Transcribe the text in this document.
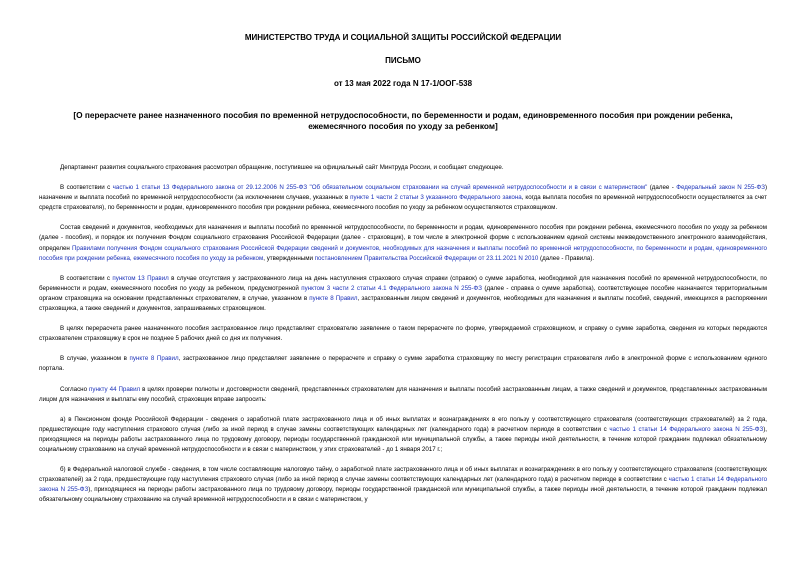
МИНИСТЕРСТВО ТРУДА И СОЦИАЛЬНОЙ ЗАЩИТЫ РОССИЙСКОЙ ФЕДЕРАЦИИ
ПИСЬМО
от 13 мая 2022 года N 17-1/ООГ-538
[О перерасчете ранее назначенного пособия по временной нетрудоспособности, по беременности и родам, единовременного пособия при рождении ребенка, ежемесячного пособия по уходу за ребенком]

Департамент развития социального страхования рассмотрел обращение, поступившее на официальный сайт Минтруда России, и сообщает следующее.

В соответствии с частью 1 статьи 13 Федерального закона от 29.12.2006 N 255-ФЗ "Об обязательном социальном страховании на случай временной нетрудоспособности и в связи с материнством" (далее - Федеральный закон N 255-ФЗ) назначение и выплата пособий по временной нетрудоспособности (за исключением случаев, указанных в пункте 1 части 2 статьи 3 указанного Федерального закона, когда выплата пособия по временной нетрудоспособности осуществляется за счет средств страхователя), по беременности и родам, единовременного пособия при рождении ребенка, ежемесячного пособия по уходу за ребенком осуществляются страховщиком.

Состав сведений и документов, необходимых для назначения и выплаты пособий по временной нетрудоспособности, по беременности и родам, единовременного пособия при рождении ребенка, ежемесячного пособия по уходу за ребенком (далее - пособия), и порядок их получения Фондом социального страхования Российской Федерации (далее - страховщик), в том числе в электронной форме с использованием единой системы межведомственного электронного взаимодействия, определен Правилами получения Фондом социального страхования Российской Федерации сведений и документов, необходимых для назначения и выплаты пособий по временной нетрудоспособности, по беременности и родам, единовременного пособия при рождении ребенка, ежемесячного пособия по уходу за ребенком, утвержденными постановлением Правительства Российской Федерации от 23.11.2021 N 2010 (далее - Правила).

В соответствии с пунктом 13 Правил в случае отсутствия у застрахованного лица на день наступления страхового случая справки (справок) о сумме заработка, необходимой для назначения пособий по временной нетрудоспособности, по беременности и родам, ежемесячного пособия по уходу за ребенком, предусмотренной пунктом 3 части 2 статьи 4.1 Федерального закона N 255-ФЗ (далее - справка о сумме заработка), соответствующее пособие назначается территориальным органом страховщика на основании представленных страхователем, в случае, указанном в пункте 8 Правил, застрахованным лицом сведений и документов, необходимых для назначения и выплаты пособий, сведений, имеющихся в распоряжении страховщика, а также сведений и документов, запрашиваемых страховщиком.

В целях перерасчета ранее назначенного пособия застрахованное лицо представляет страхователю заявление о таком перерасчете по форме, утверждаемой страховщиком, и справку о сумме заработка, сведения из которых передаются страхователем страховщику в срок не позднее 5 рабочих дней со дня их получения.

В случае, указанном в пункте 8 Правил, застрахованное лицо представляет заявление о перерасчете и справку о сумме заработка страховщику по месту регистрации страхователя либо в электронной форме с использованием единого портала.

Согласно пункту 44 Правил в целях проверки полноты и достоверности сведений, представленных страхователем для назначения и выплаты пособий застрахованным лицам, а также сведений и документов, представленных застрахованным лицом для назначения и выплаты ему пособий, страховщик вправе запросить:

а) в Пенсионном фонде Российской Федерации - сведения о заработной плате застрахованного лица и об иных выплатах и вознаграждениях в его пользу у соответствующего страхователя (соответствующих страхователей) за 2 года, предшествующие году наступления страхового случая (либо за иной период в случае замены соответствующих календарных лет (календарного года) в расчетном периоде в соответствии с частью 1 статьи 14 Федерального закона N 255-ФЗ), приходящиеся на периоды работы застрахованного лица по трудовому договору, периоды государственной гражданской или муниципальной службы, а также периоды иной деятельности, в течение которой гражданин подлежал обязательному социальному страхованию на случай временной нетрудоспособности и в связи с материнством, у этих страхователей - до 1 января 2017 г.;

б) в Федеральной налоговой службе - сведения, в том числе составляющие налоговую тайну, о заработной плате застрахованного лица и об иных выплатах и вознаграждениях в его пользу у соответствующего страхователя (соответствующих страхователей) за 2 года, предшествующие году наступления страхового случая (либо за иной период в случае замены соответствующих календарных лет (календарного года) в расчетном периоде в соответствии с частью 1 статьи 14 Федерального закона N 255-ФЗ), приходящиеся на периоды работы застрахованного лица по трудовому договору, периоды государственной гражданской или муниципальной службы, а также периоды иной деятельности, в течение которой гражданин подлежал обязательному социальному страхованию на случай временной нетрудоспособности и в связи с материнством, у
